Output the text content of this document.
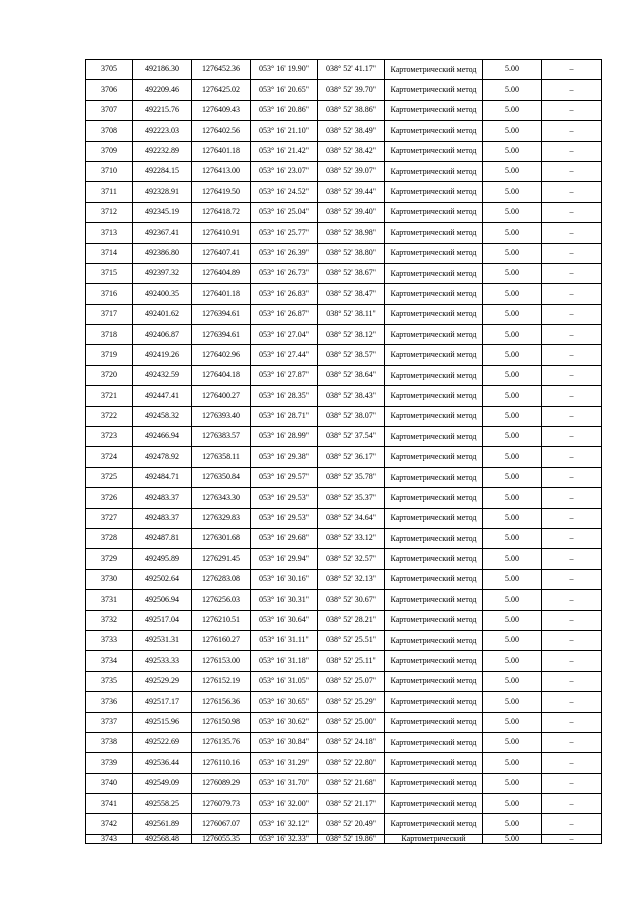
3705	492186.30	1276452.36	053° 16' 19.90"	038° 52' 41.17"	Картометрический метод	5.00	–
3706	492209.46	1276425.02	053° 16' 20.65"	038° 52' 39.70"	Картометрический метод	5.00	–
3707	492215.76	1276409.43	053° 16' 20.86"	038° 52' 38.86"	Картометрический метод	5.00	–
3708	492223.03	1276402.56	053° 16' 21.10"	038° 52' 38.49"	Картометрический метод	5.00	–
3709	492232.89	1276401.18	053° 16' 21.42"	038° 52' 38.42"	Картометрический метод	5.00	–
3710	492284.15	1276413.00	053° 16' 23.07"	038° 52' 39.07"	Картометрический метод	5.00	–
3711	492328.91	1276419.50	053° 16' 24.52"	038° 52' 39.44"	Картометрический метод	5.00	–
3712	492345.19	1276418.72	053° 16' 25.04"	038° 52' 39.40"	Картометрический метод	5.00	–
3713	492367.41	1276410.91	053° 16' 25.77"	038° 52' 38.98"	Картометрический метод	5.00	–
3714	492386.80	1276407.41	053° 16' 26.39"	038° 52' 38.80"	Картометрический метод	5.00	–
3715	492397.32	1276404.89	053° 16' 26.73"	038° 52' 38.67"	Картометрический метод	5.00	–
3716	492400.35	1276401.18	053° 16' 26.83"	038° 52' 38.47"	Картометрический метод	5.00	–
3717	492401.62	1276394.61	053° 16' 26.87"	038° 52' 38.11"	Картометрический метод	5.00	–
3718	492406.87	1276394.61	053° 16' 27.04"	038° 52' 38.12"	Картометрический метод	5.00	–
3719	492419.26	1276402.96	053° 16' 27.44"	038° 52' 38.57"	Картометрический метод	5.00	–
3720	492432.59	1276404.18	053° 16' 27.87"	038° 52' 38.64"	Картометрический метод	5.00	–
3721	492447.41	1276400.27	053° 16' 28.35"	038° 52' 38.43"	Картометрический метод	5.00	–
3722	492458.32	1276393.40	053° 16' 28.71"	038° 52' 38.07"	Картометрический метод	5.00	–
3723	492466.94	1276383.57	053° 16' 28.99"	038° 52' 37.54"	Картометрический метод	5.00	–
3724	492478.92	1276358.11	053° 16' 29.38"	038° 52' 36.17"	Картометрический метод	5.00	–
3725	492484.71	1276350.84	053° 16' 29.57"	038° 52' 35.78"	Картометрический метод	5.00	–
3726	492483.37	1276343.30	053° 16' 29.53"	038° 52' 35.37"	Картометрический метод	5.00	–
3727	492483.37	1276329.83	053° 16' 29.53"	038° 52' 34.64"	Картометрический метод	5.00	–
3728	492487.81	1276301.68	053° 16' 29.68"	038° 52' 33.12"	Картометрический метод	5.00	–
3729	492495.89	1276291.45	053° 16' 29.94"	038° 52' 32.57"	Картометрический метод	5.00	–
3730	492502.64	1276283.08	053° 16' 30.16"	038° 52' 32.13"	Картометрический метод	5.00	–
3731	492506.94	1276256.03	053° 16' 30.31"	038° 52' 30.67"	Картометрический метод	5.00	–
3732	492517.04	1276210.51	053° 16' 30.64"	038° 52' 28.21"	Картометрический метод	5.00	–
3733	492531.31	1276160.27	053° 16' 31.11"	038° 52' 25.51"	Картометрический метод	5.00	–
3734	492533.33	1276153.00	053° 16' 31.18"	038° 52' 25.11"	Картометрический метод	5.00	–
3735	492529.29	1276152.19	053° 16' 31.05"	038° 52' 25.07"	Картометрический метод	5.00	–
3736	492517.17	1276156.36	053° 16' 30.65"	038° 52' 25.29"	Картометрический метод	5.00	–
3737	492515.96	1276150.98	053° 16' 30.62"	038° 52' 25.00"	Картометрический метод	5.00	–
3738	492522.69	1276135.76	053° 16' 30.84"	038° 52' 24.18"	Картометрический метод	5.00	–
3739	492536.44	1276110.16	053° 16' 31.29"	038° 52' 22.80"	Картометрический метод	5.00	–
3740	492549.09	1276089.29	053° 16' 31.70"	038° 52' 21.68"	Картометрический метод	5.00	–
3741	492558.25	1276079.73	053° 16' 32.00"	038° 52' 21.17"	Картометрический метод	5.00	–
3742	492561.89	1276067.07	053° 16' 32.12"	038° 52' 20.49"	Картометрический метод	5.00	–
3743	492568.48	1276055.35	053° 16' 32.33"	038° 52' 19.86"	Картометрический	5.00	–
